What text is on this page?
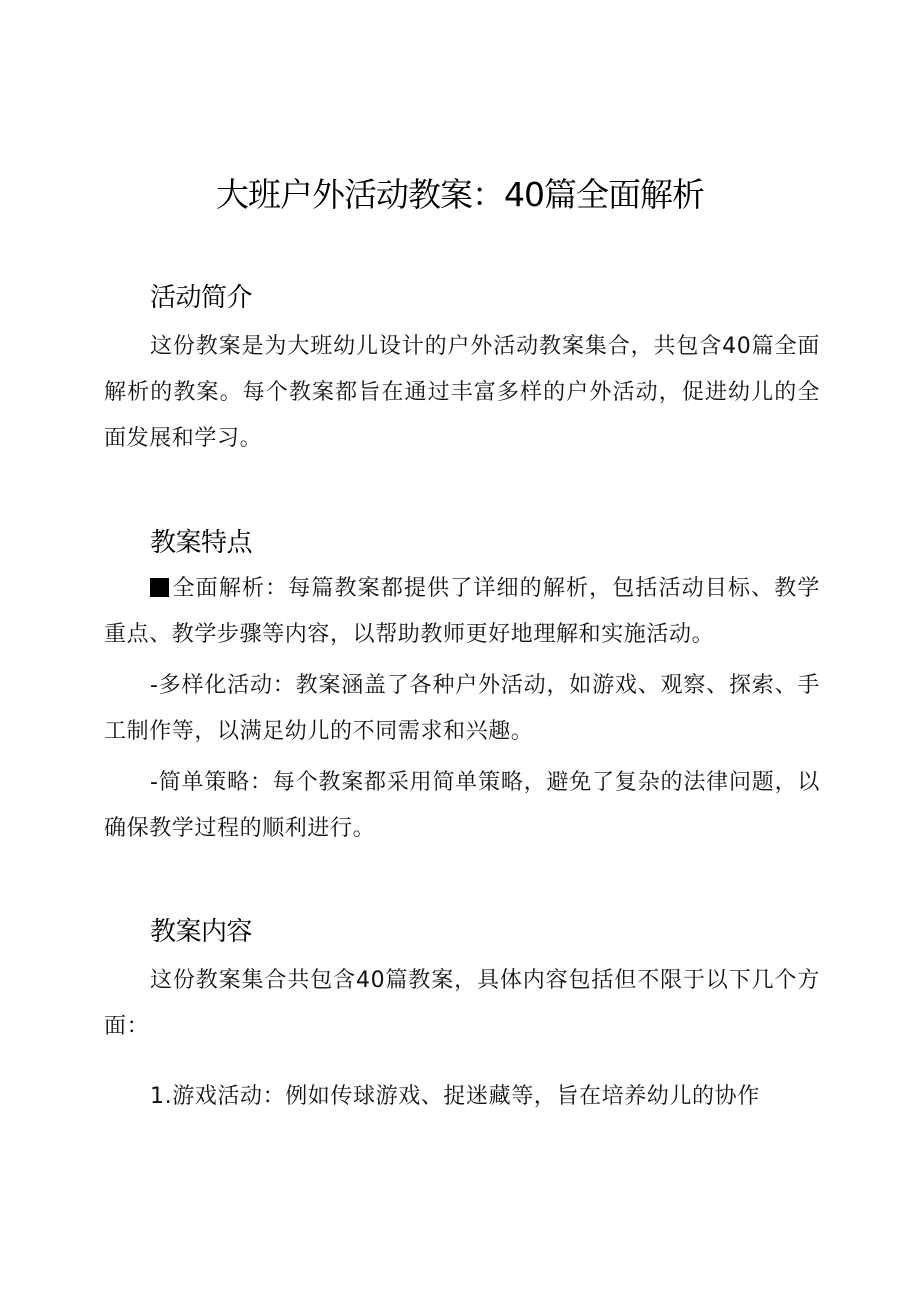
大班户外活动教案：40篇全面解析
活动简介

这份教案是为大班幼儿设计的户外活动教案集合，共包含40篇全面解析的教案。每个教案都旨在通过丰富多样的户外活动，促进幼儿的全面发展和学习。

教案特点

全面解析：每篇教案都提供了详细的解析，包括活动目标、教学重点、教学步骤等内容，以帮助教师更好地理解和实施活动。

-多样化活动：教案涵盖了各种户外活动，如游戏、观察、探索、手工制作等，以满足幼儿的不同需求和兴趣。

-简单策略：每个教案都采用简单策略，避免了复杂的法律问题，以确保教学过程的顺利进行。

教案内容

这份教案集合共包含40篇教案，具体内容包括但不限于以下几个方面：

1.游戏活动：例如传球游戏、捉迷藏等，旨在培养幼儿的协作
